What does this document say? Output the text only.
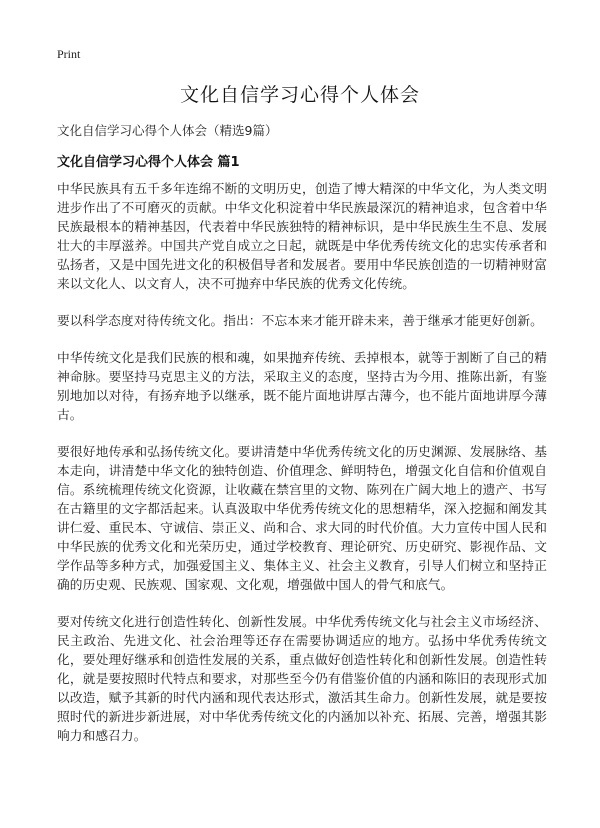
Print
文化自信学习心得个人体会
文化自信学习心得个人体会（精选9篇）
文化自信学习心得个人体会 篇1

中华民族具有五千多年连绵不断的文明历史，创造了博大精深的中华文化，为人类文明进步作出了不可磨灭的贡献。中华文化积淀着中华民族最深沉的精神追求，包含着中华民族最根本的精神基因，代表着中华民族独特的精神标识，是中华民族生生不息、发展壮大的丰厚滋养。中国共产党自成立之日起，就既是中华优秀传统文化的忠实传承者和弘扬者，又是中国先进文化的积极倡导者和发展者。要用中华民族创造的一切精神财富来以文化人、以文育人，决不可抛弃中华民族的优秀文化传统。

要以科学态度对待传统文化。指出：不忘本来才能开辟未来，善于继承才能更好创新。

中华传统文化是我们民族的根和魂，如果抛弃传统、丢掉根本，就等于割断了自己的精神命脉。要坚持马克思主义的方法，采取主义的态度，坚持古为今用、推陈出新，有鉴别地加以对待，有扬弃地予以继承，既不能片面地讲厚古薄今，也不能片面地讲厚今薄古。

要很好地传承和弘扬传统文化。要讲清楚中华优秀传统文化的历史渊源、发展脉络、基本走向，讲清楚中华文化的独特创造、价值理念、鲜明特色，增强文化自信和价值观自信。系统梳理传统文化资源，让收藏在禁宫里的文物、陈列在广阔大地上的遗产、书写在古籍里的文字都活起来。认真汲取中华优秀传统文化的思想精华，深入挖掘和阐发其讲仁爱、重民本、守诚信、崇正义、尚和合、求大同的时代价值。大力宣传中国人民和中华民族的优秀文化和光荣历史，通过学校教育、理论研究、历史研究、影视作品、文学作品等多种方式，加强爱国主义、集体主义、社会主义教育，引导人们树立和坚持正确的历史观、民族观、国家观、文化观，增强做中国人的骨气和底气。

要对传统文化进行创造性转化、创新性发展。中华优秀传统文化与社会主义市场经济、民主政治、先进文化、社会治理等还存在需要协调适应的地方。弘扬中华优秀传统文化，要处理好继承和创造性发展的关系，重点做好创造性转化和创新性发展。创造性转化，就是要按照时代特点和要求，对那些至今仍有借鉴价值的内涵和陈旧的表现形式加以改造，赋予其新的时代内涵和现代表达形式，激活其生命力。创新性发展，就是要按照时代的新进步新进展，对中华优秀传统文化的内涵加以补充、拓展、完善，增强其影响力和感召力。
